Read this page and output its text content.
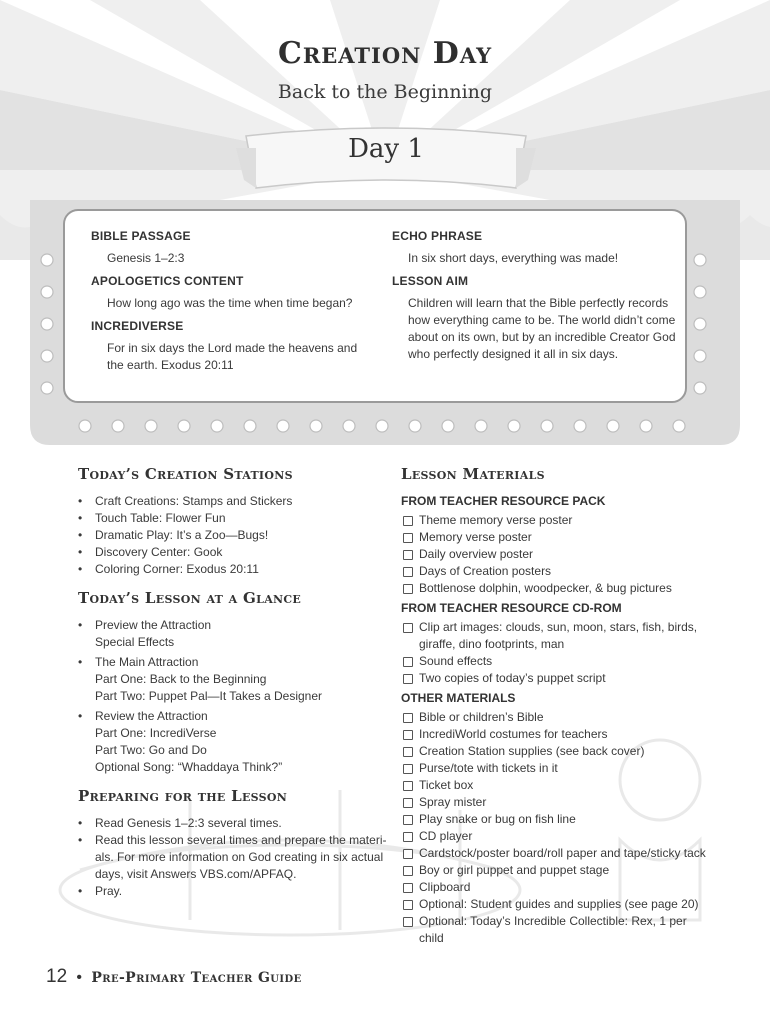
Creation Day
Back to the Beginning
Day 1
BIBLE PASSAGE

Genesis 1–2:3

APOLOGETICS CONTENT

How long ago was the time when time began?

INCREDIVERSE

For in six days the Lord made the heavens and the earth. Exodus 20:11

ECHO PHRASE

In six short days, everything was made!

LESSON AIM

Children will learn that the Bible perfectly records how everything came to be. The world didn’t come about on its own, but by an incredible Creator God who perfectly designed it all in six days.

Today’s Creation Stations
• Craft Creations: Stamps and Stickers
• Touch Table: Flower Fun
• Dramatic Play: It’s a Zoo—Bugs!
• Discovery Center: Gook
• Coloring Corner: Exodus 20:11
Today’s Lesson at a Glance
• Preview the Attraction
Special Effects
• The Main Attraction
Part One: Back to the Beginning
Part Two: Puppet Pal—It Takes a Designer
• Review the Attraction
Part One: IncrediVerse
Part Two: Go and Do
Optional Song: “Whaddaya Think?”
Preparing for the Lesson
• Read Genesis 1–2:3 several times.
• Read this lesson several times and prepare the materi-als. For more information on God creating in six actual days, visit Answers VBS.com/APFAQ.
• Pray.
Lesson Materials
FROM TEACHER RESOURCE PACK
Theme memory verse poster
Memory verse poster
Daily overview poster
Days of Creation posters
Bottlenose dolphin, woodpecker, & bug pictures
FROM TEACHER RESOURCE CD-ROM
Clip art images: clouds, sun, moon, stars, fish, birds, giraffe, dino footprints, man
Sound effects
Two copies of today’s puppet script
OTHER MATERIALS
Bible or children’s Bible
IncrediWorld costumes for teachers
Creation Station supplies (see back cover)
Purse/tote with tickets in it
Ticket box
Spray mister
Play snake or bug on fish line
CD player
Cardstock/poster board/roll paper and tape/sticky tack
Boy or girl puppet and puppet stage
Clipboard
Optional: Student guides and supplies (see page 20)
Optional: Today’s Incredible Collectible: Rex, 1 per child
12 • Pre-Primary Teacher Guide
